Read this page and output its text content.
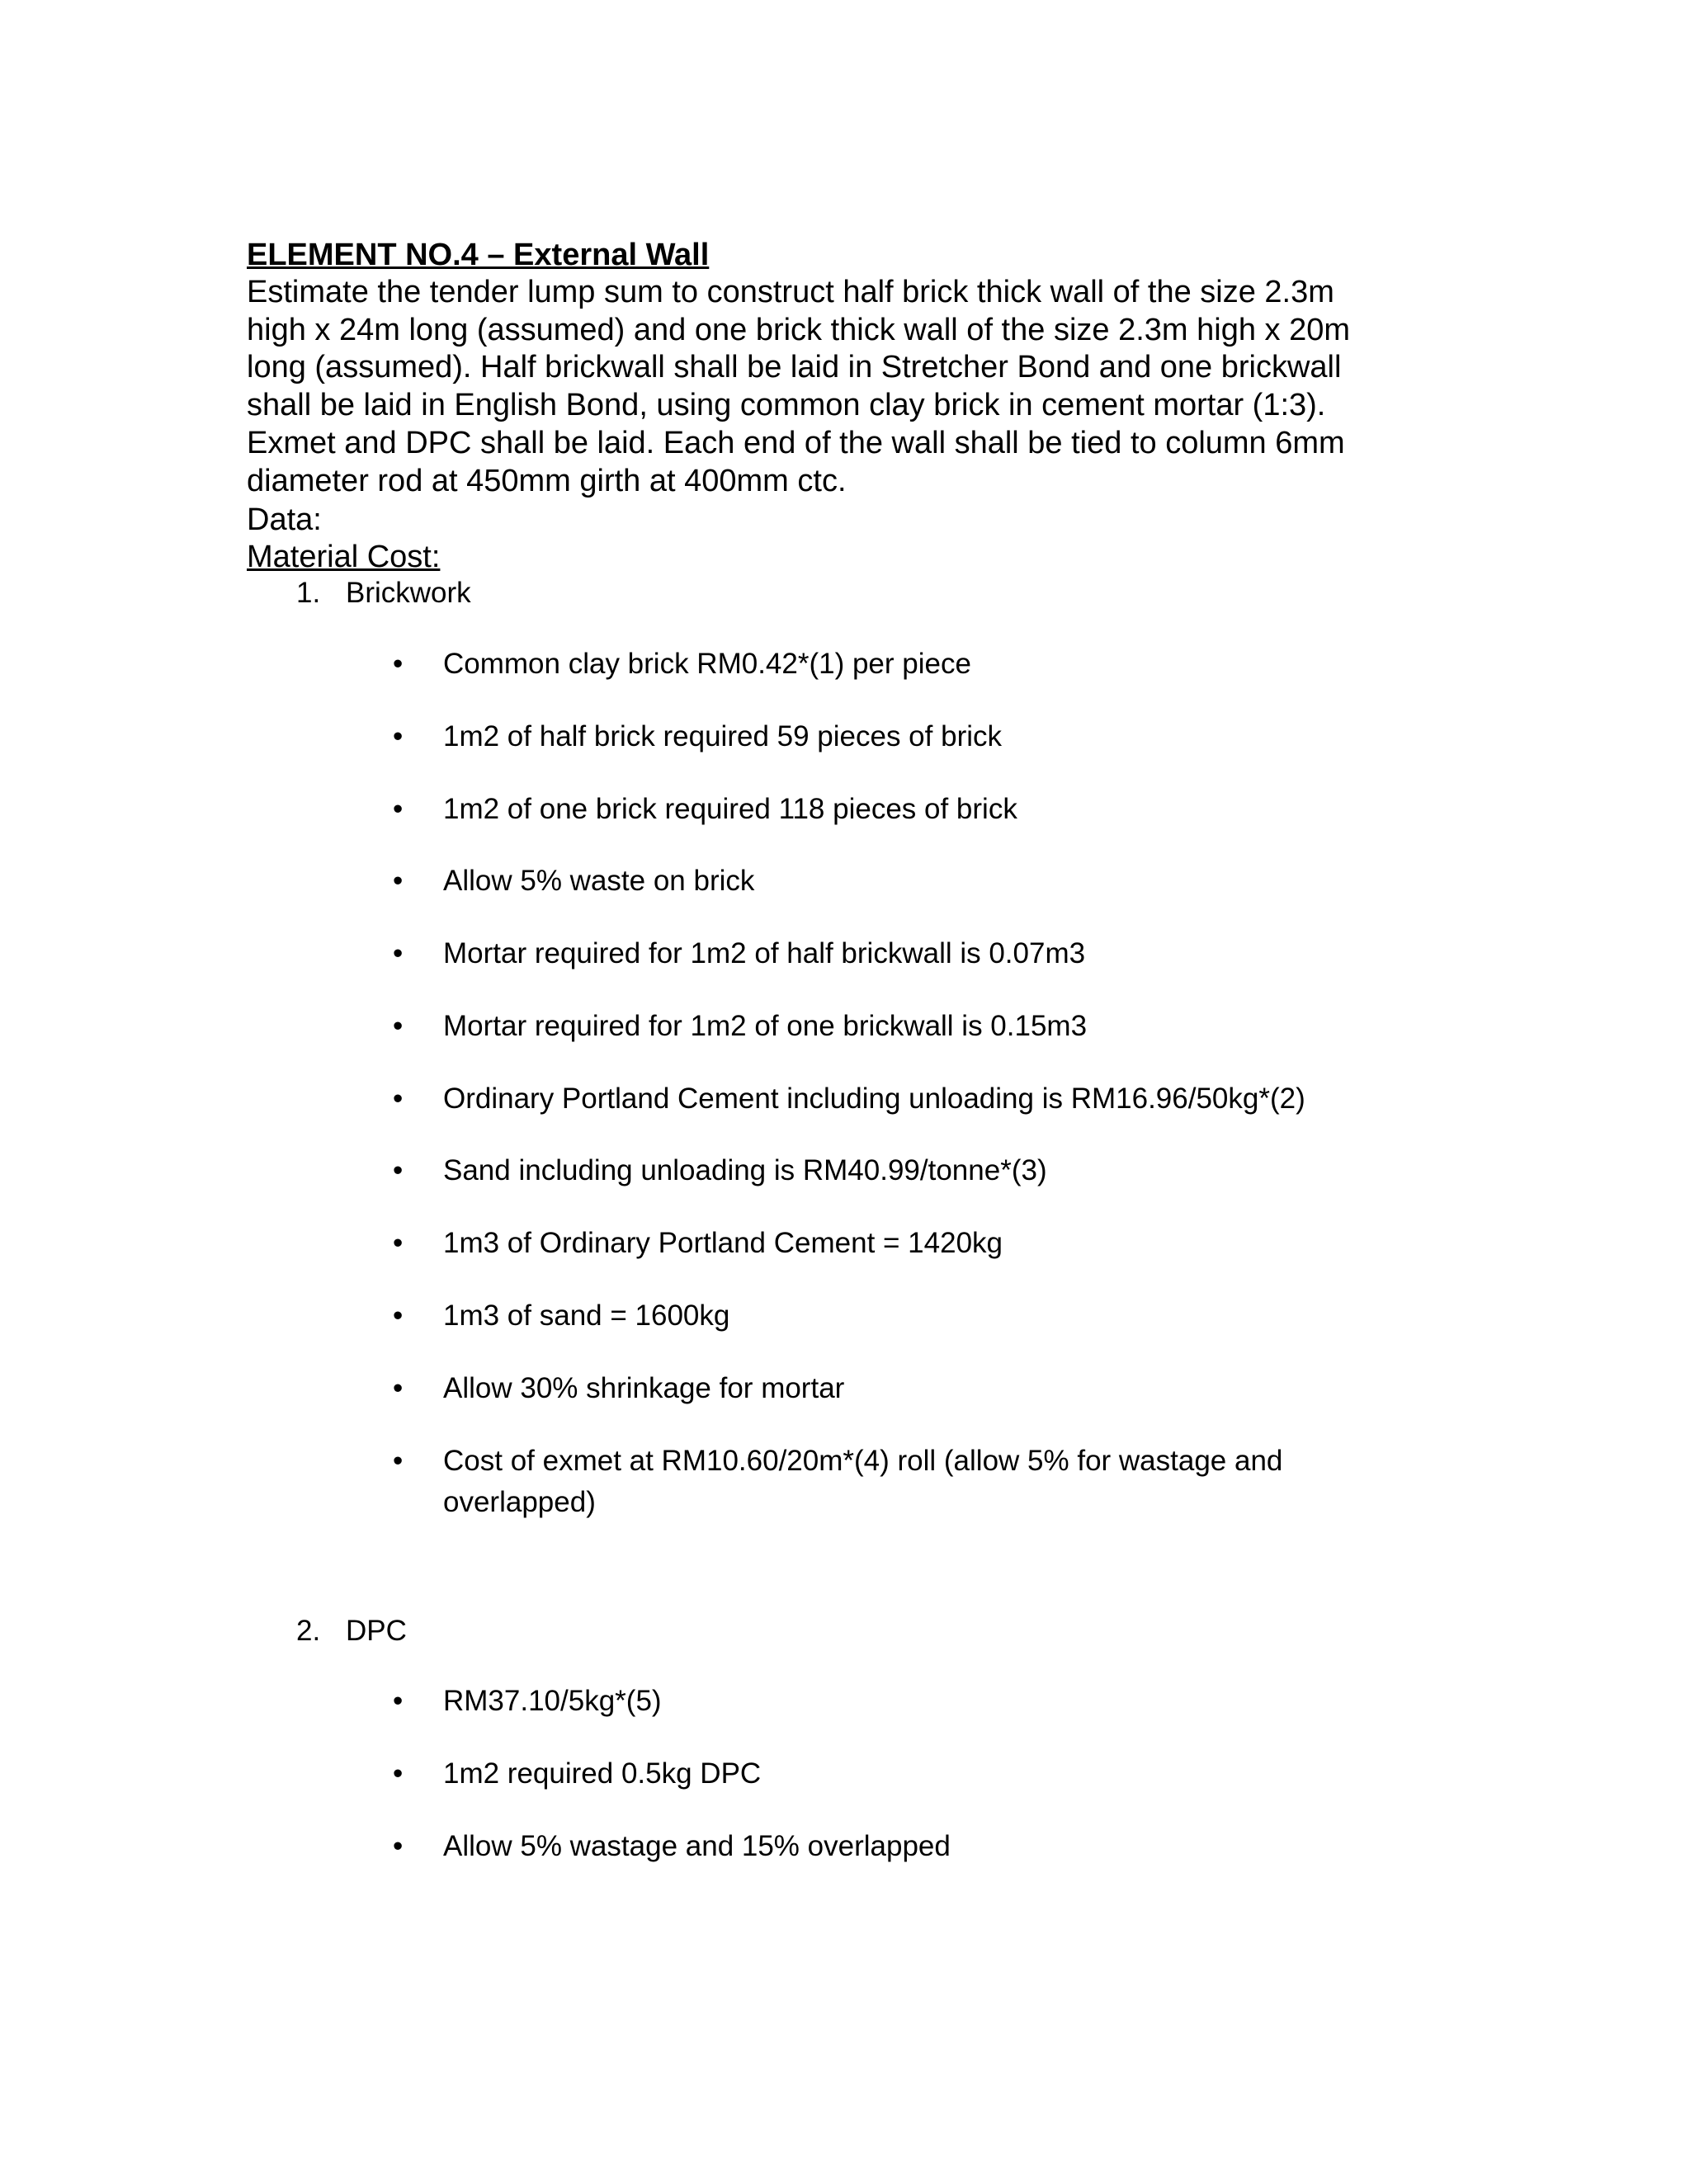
ELEMENT NO.4 – External Wall

Estimate the tender lump sum to construct half brick thick wall of the size 2.3m
high x 24m long (assumed) and one brick thick wall of the size 2.3m high x 20m
long (assumed). Half brickwall shall be laid in Stretcher Bond and one brickwall
shall be laid in English Bond, using common clay brick in cement mortar (1:3).
Exmet and DPC shall be laid. Each end of the wall shall be tied to column 6mm
diameter rod at 450mm girth at 400mm ctc.

Data:

Material Cost:

1. Brickwork

• Common clay brick RM0.42*(1) per piece
• 1m2 of half brick required 59 pieces of brick
• 1m2 of one brick required 118 pieces of brick
• Allow 5% waste on brick
• Mortar required for 1m2 of half brickwall is 0.07m3
• Mortar required for 1m2 of one brickwall is 0.15m3
• Ordinary Portland Cement including unloading is RM16.96/50kg*(2)
• Sand including unloading is RM40.99/tonne*(3)
• 1m3 of Ordinary Portland Cement = 1420kg
• 1m3 of sand = 1600kg
• Allow 30% shrinkage for mortar
• Cost of exmet at RM10.60/20m*(4) roll (allow 5% for wastage and overlapped)

2. DPC

• RM37.10/5kg*(5)
• 1m2 required 0.5kg DPC
• Allow 5% wastage and 15% overlapped
